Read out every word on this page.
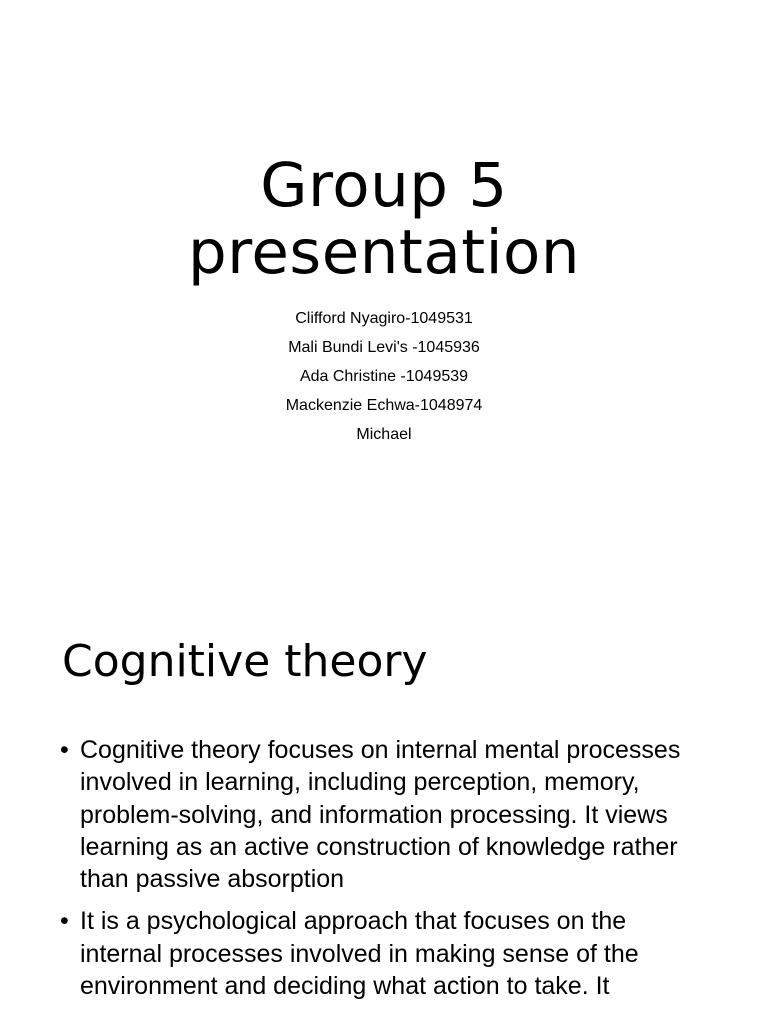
Group 5
presentation
Clifford Nyagiro-1049531
Mali Bundi Levi's -1045936
Ada Christine -1049539
Mackenzie Echwa-1048974
Michael
Cognitive theory
• Cognitive theory focuses on internal mental processes involved in learning, including perception, memory, problem-solving, and information processing. It views learning as an active construction of knowledge rather than passive absorption
• It is a psychological approach that focuses on the internal processes involved in making sense of the environment and deciding what action to take. It
